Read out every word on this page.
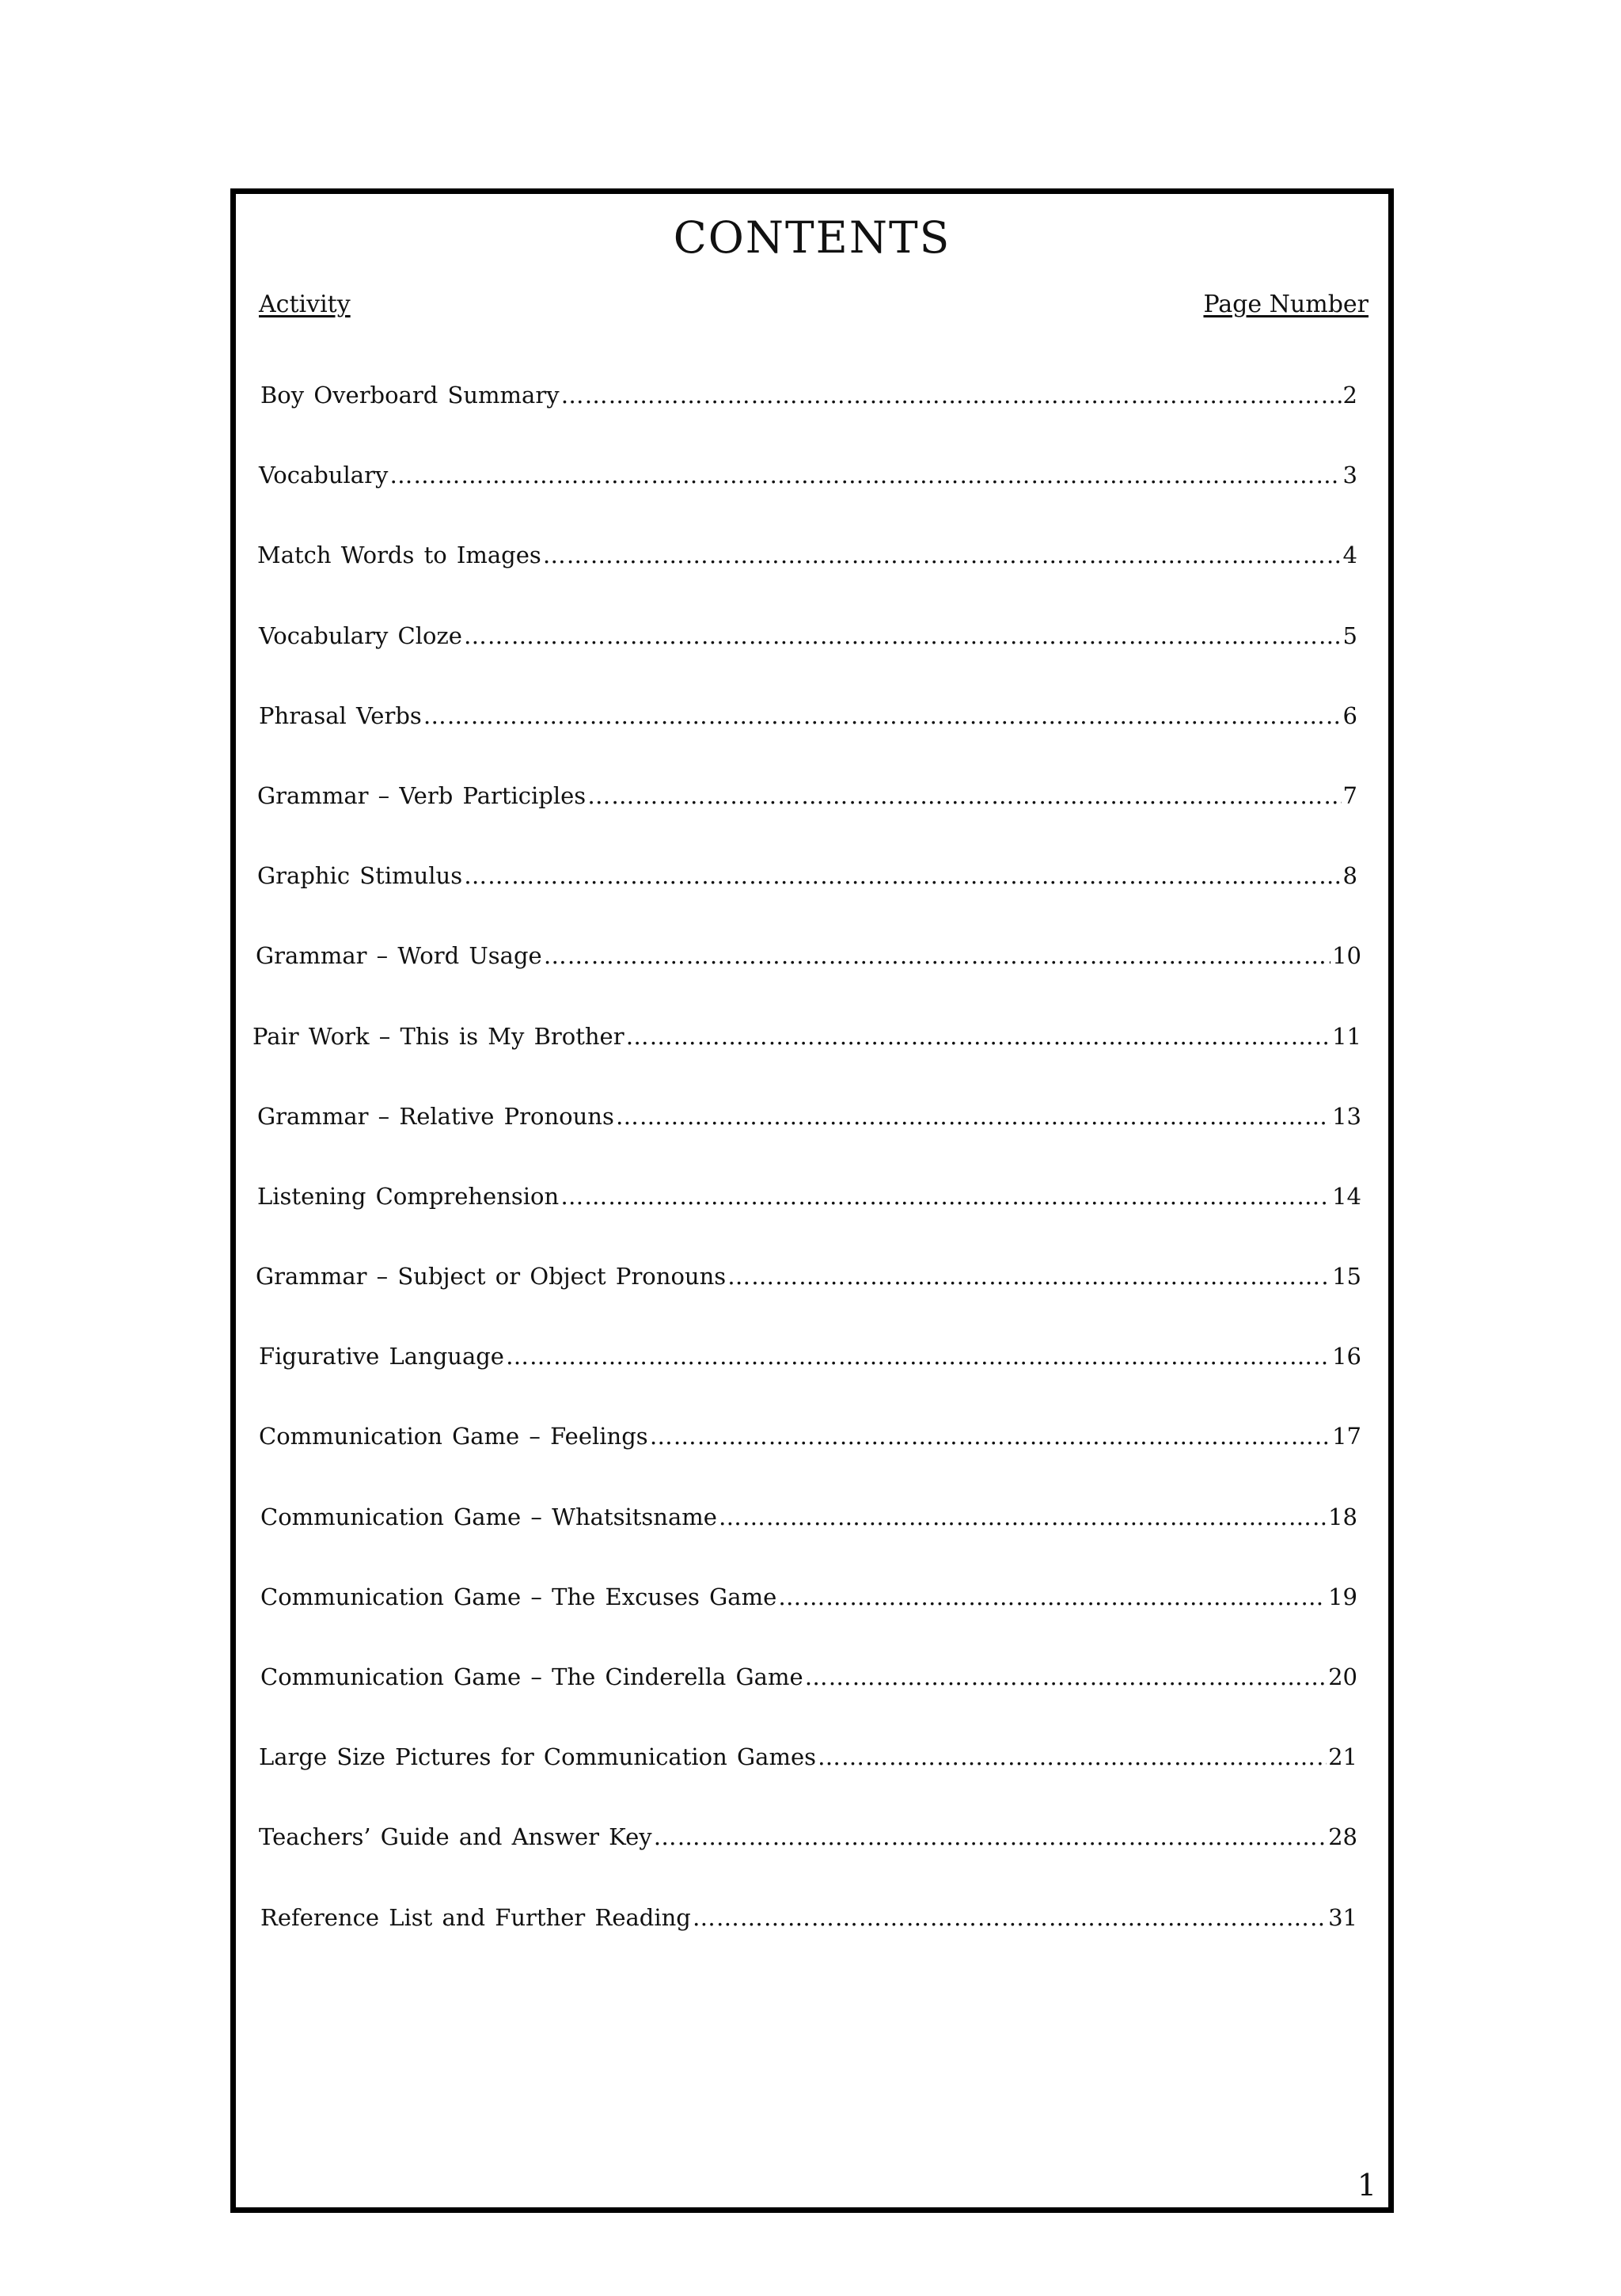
CONTENTS
Activity	Page Number
Boy Overboard Summary …………………………………………………………………………………………………………………………………………………………………………………………………………………………………	2
Vocabulary …………………………………………………………………………………………………………………………………………………………………………………………………………………………………	3
Match Words to Images …………………………………………………………………………………………………………………………………………………………………………………………………………………………………	4
Vocabulary Cloze …………………………………………………………………………………………………………………………………………………………………………………………………………………………………	5
Phrasal Verbs …………………………………………………………………………………………………………………………………………………………………………………………………………………………………	6
Grammar – Verb Participles …………………………………………………………………………………………………………………………………………………………………………………………………………………………………	7
Graphic Stimulus …………………………………………………………………………………………………………………………………………………………………………………………………………………………………	8
Grammar – Word Usage …………………………………………………………………………………………………………………………………………………………………………………………………………………………………	10
Pair Work – This is My Brother …………………………………………………………………………………………………………………………………………………………………………………………………………………………………	11
Grammar – Relative Pronouns …………………………………………………………………………………………………………………………………………………………………………………………………………………………………	13
Listening Comprehension …………………………………………………………………………………………………………………………………………………………………………………………………………………………………	14
Grammar – Subject or Object Pronouns …………………………………………………………………………………………………………………………………………………………………………………………………………………………………	15
Figurative Language …………………………………………………………………………………………………………………………………………………………………………………………………………………………………	16
Communication Game – Feelings …………………………………………………………………………………………………………………………………………………………………………………………………………………………………	17
Communication Game – Whatsitsname …………………………………………………………………………………………………………………………………………………………………………………………………………………………………	18
Communication Game – The Excuses Game …………………………………………………………………………………………………………………………………………………………………………………………………………………………………	19
Communication Game – The Cinderella Game …………………………………………………………………………………………………………………………………………………………………………………………………………………………………	20
Large Size Pictures for Communication Games …………………………………………………………………………………………………………………………………………………………………………………………………………………………………	21
Teachers’ Guide and Answer Key …………………………………………………………………………………………………………………………………………………………………………………………………………………………………	28
Reference List and Further Reading …………………………………………………………………………………………………………………………………………………………………………………………………………………………………	31
1
